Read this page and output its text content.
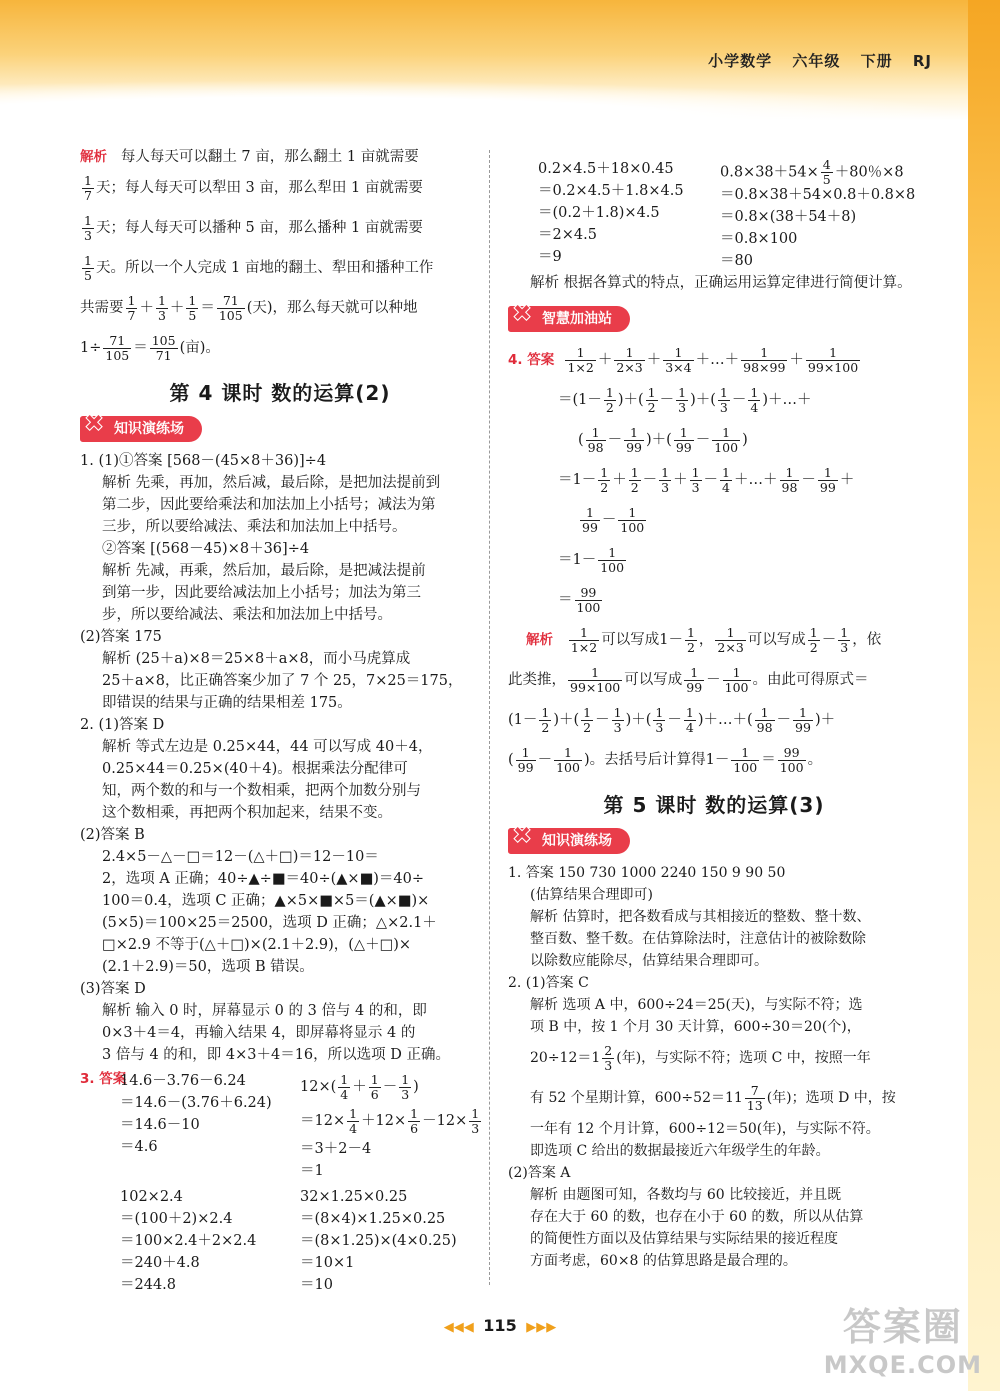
小学数学 六年级 下册 RJ
解析 每人每天可以翻土 7 亩，那么翻土 1 亩就需要
$\frac{1}{7}$ 天；每人每天可以犁田 3 亩，那么犁田 1 亩就需要
$\frac{1}{3}$ 天；每人每天可以播种 5 亩，那么播种 1 亩就需要
$\frac{1}{5}$ 天。所以一个人完成 1 亩地的翻土、犁田和播种工作
共需要 $\frac{1}{7} + \frac{1}{3} + \frac{1}{5} = \frac{71}{105}$ (天)，那么每天就可以种地
$1\div \frac{71}{105} = \frac{105}{71}$ (亩)。
第 4 课时 数的运算(2)
✖ 知识演练场
1. (1)①答案 [568－(45×8＋36)]÷4
解析 先乘，再加，然后减，最后除，是把加法提前到
第二步，因此要给乘法和加法加上小括号；减法为第
三步，所以要给减法、乘法和加法加上中括号。
②答案 [(568－45)×8＋36]÷4
解析 先减，再乘，然后加，最后除，是把减法提前
到第一步，因此要给减法加上小括号；加法为第三
步，所以要给减法、乘法和加法加上中括号。
(2)答案 175
解析 (25＋a)×8＝25×8＋a×8，而小马虎算成
25＋a×8，比正确答案少加了 7 个 25，7×25＝175，
即错误的结果与正确的结果相差 175。
2. (1)答案 D
解析 等式左边是 0.25×44，44 可以写成 40＋4，
0.25×44＝0.25×(40＋4)。根据乘法分配律可
知，两个数的和与一个数相乘，把两个加数分别与
这个数相乘，再把两个积加起来，结果不变。
(2)答案 B
2.4×5－△－□＝12－(△＋□)＝12－10＝
2，选项 A 正确；40÷▲÷■＝40÷(▲×■)＝40÷
100＝0.4，选项 C 正确；▲×5×■×5＝(▲×■)×
(5×5)＝100×25＝2500，选项 D 正确；△×2.1＋
□×2.9 不等于(△＋□)×(2.1＋2.9)，(△＋□)×
(2.1＋2.9)＝50，选项 B 错误。
(3)答案 D
解析 输入 0 时，屏幕显示 0 的 3 倍与 4 的和，即
0×3＋4＝4，再输入结果 4，即屏幕将显示 4 的
3 倍与 4 的和，即 4×3＋4＝16，所以选项 D 正确。
3. 答案
14.6－3.76－6.24
＝14.6－(3.76＋6.24)
＝14.6－10
＝4.6
$12\times( \frac{1}{4} + \frac{1}{6} - \frac{1}{3}$ )
$=12\times \frac{1}{4} +12\times \frac{1}{6} -12\times \frac{1}{3}$
＝3＋2－4
＝1
102×2.4
＝(100＋2)×2.4
＝100×2.4＋2×2.4
＝240＋4.8
＝244.8
32×1.25×0.25
＝(8×4)×1.25×0.25
＝(8×1.25)×(4×0.25)
＝10×1
＝10
0.2×4.5＋18×0.45
＝0.2×4.5＋1.8×4.5
＝(0.2＋1.8)×4.5
＝2×4.5
＝9
$0.8\times 38+54\times \frac{4}{5} +80$％×8
＝0.8×38＋54×0.8＋0.8×8
＝0.8×(38＋54＋8)
＝0.8×100
＝80
解析 根据各算式的特点，正确运用运算定律进行简便计算。
✖ 智慧加油站
4. 答案 $\frac{1}{1\times 2} + \frac{1}{2\times 3} + \frac{1}{3\times 4}$ ＋…＋ $\frac{1}{98\times 99} + \frac{1}{99\times 100}$
$=(1- \frac{1}{2}$ )＋( $\frac{1}{2} - \frac{1}{3}$ )＋( $\frac{1}{3} - \frac{1}{4}$ )＋…＋
( $\frac{1}{98} - \frac{1}{99}$ )＋( $\frac{1}{99} - \frac{1}{100}$ )
$=1- \frac{1}{2} + \frac{1}{2} - \frac{1}{3} + \frac{1}{3} - \frac{1}{4}$ ＋…＋ $\frac{1}{98} - \frac{1}{99}$ ＋
$\frac{1}{99} - \frac{1}{100}$
$=1- \frac{1}{100}$
＝ $\frac{99}{100}$
解析 $\frac{1}{1\times 2}$ 可以写成$1- \frac{1}{2}$ ， $\frac{1}{2\times 3}$ 可以写成 $\frac{1}{2} - \frac{1}{3}$ ，依
此类推， $\frac{1}{99\times 100}$ 可以写成 $\frac{1}{99} - \frac{1}{100}$ 。由此可得原式＝
($1- \frac{1}{2}$ )＋( $\frac{1}{2} - \frac{1}{3}$ )＋( $\frac{1}{3} - \frac{1}{4}$ )＋…＋( $\frac{1}{98} - \frac{1}{99}$ )＋
( $\frac{1}{99} - \frac{1}{100}$ )。去括号后计算得$1- \frac{1}{100} = \frac{99}{100}$ 。
第 5 课时 数的运算(3)
✖ 知识演练场
1. 答案 150 730 1000 2240 150 9 90 50
(估算结果合理即可)
解析 估算时，把各数看成与其相接近的整数、整十数、
整百数、整千数。在估算除法时，注意估计的被除数除
以除数应能除尽，估算结果合理即可。
2. (1)答案 C
解析 选项 A 中，600÷24＝25(天)，与实际不符；选
项 B 中，按 1 个月 30 天计算，600÷30＝20(个)，
$20\div 12=1 \frac{2}{3}$ (年)，与实际不符；选项 C 中，按照一年
有 52 个星期计算，$600\div 52=11 \frac{7}{13}$ (年)；选项 D 中，按
一年有 12 个月计算，600÷12＝50(年)，与实际不符。
即选项 C 给出的数据最接近六年级学生的年龄。
(2)答案 A
解析 由题图可知，各数均与 60 比较接近，并且既
存在大于 60 的数，也存在小于 60 的数，所以从估算
的简便性方面以及估算结果与实际结果的接近程度
方面考虑，60×8 的估算思路是最合理的。
◀◀◀ 115 ▶▶▶	答案圈
MXQE.COM
